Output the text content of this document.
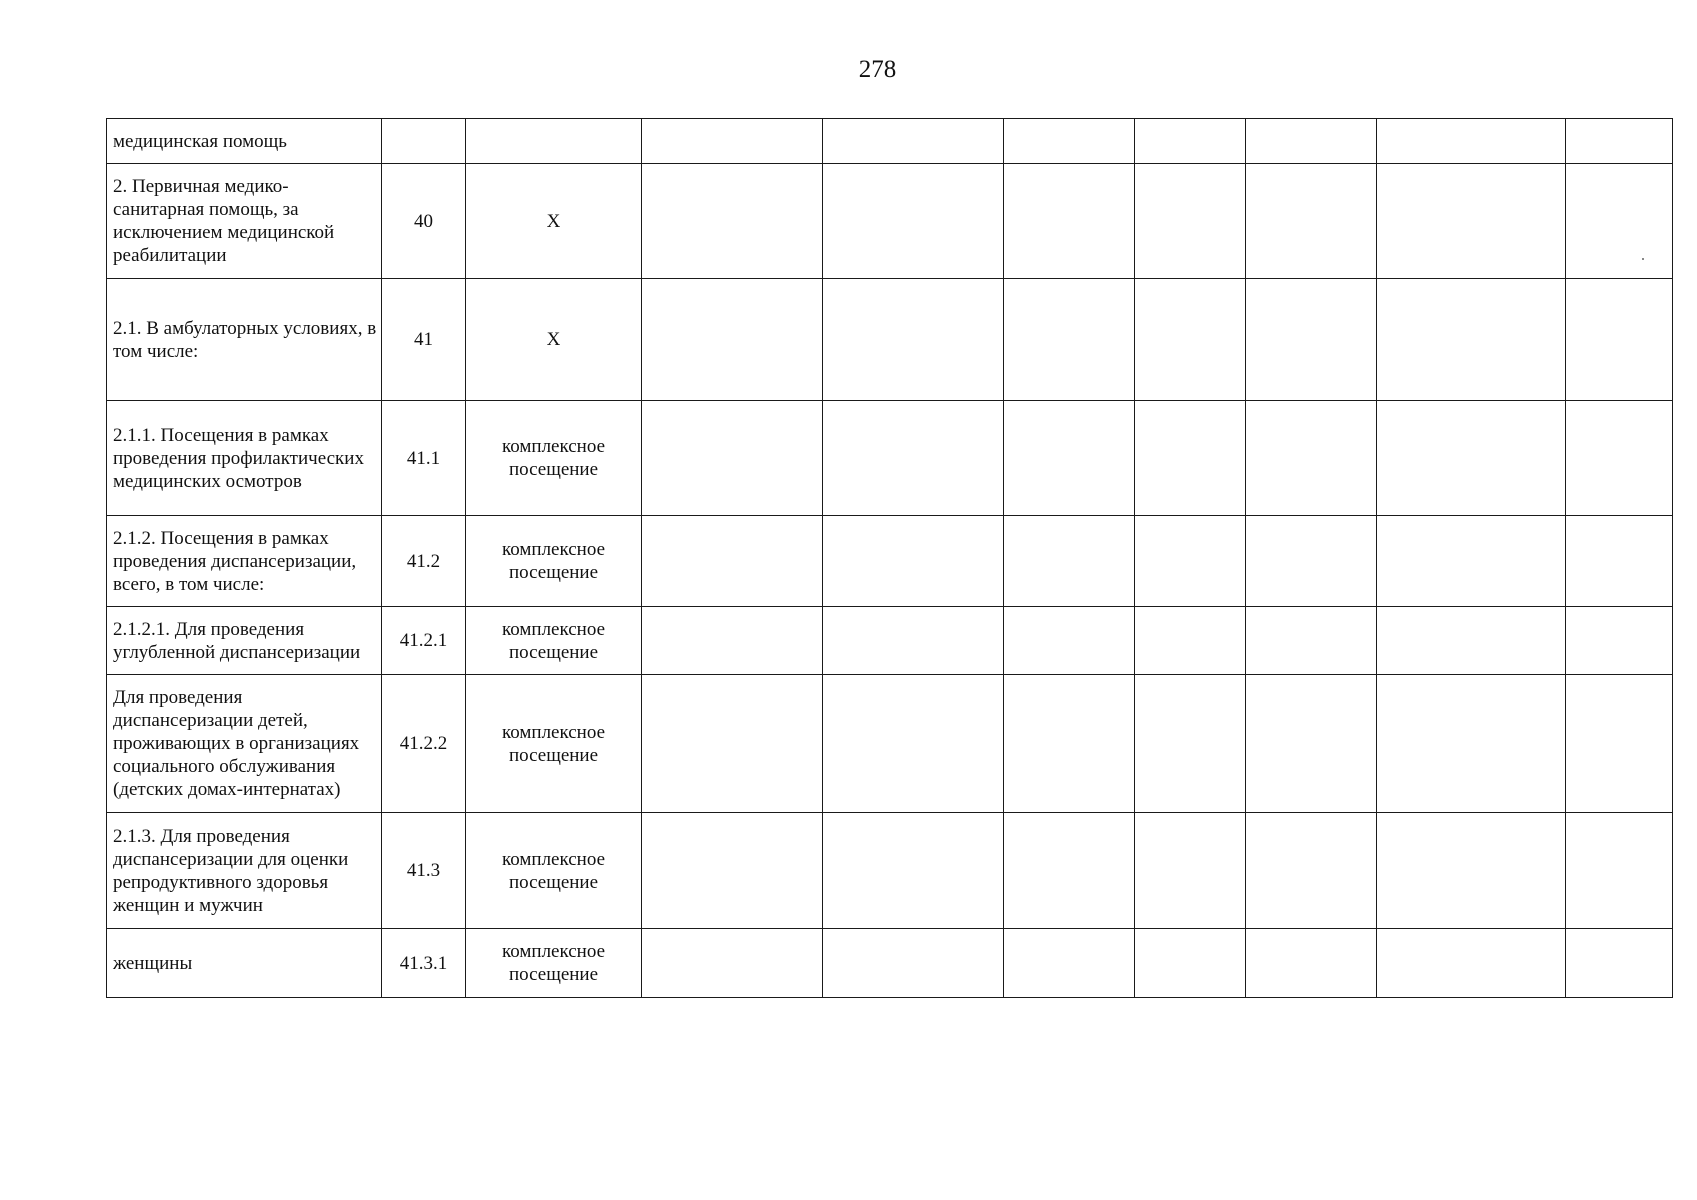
278
медицинская помощь									
2. Первичная медико-санитарная помощь, за исключением медицинской реабилитации	40	X							
2.1. В амбулаторных условиях, в том числе:	41	X							
2.1.1. Посещения в рамках проведения профилактических медицинских осмотров	41.1	комплексное посещение							
2.1.2. Посещения в рамках проведения диспансеризации, всего, в том числе:	41.2	комплексное посещение							
2.1.2.1. Для проведения углубленной диспансеризации	41.2.1	комплексное посещение							
Для проведения диспансеризации детей, проживающих в организациях социального обслуживания (детских домах-интернатах)	41.2.2	комплексное посещение							
2.1.3. Для проведения диспансеризации для оценки репродуктивного здоровья женщин и мужчин	41.3	комплексное посещение							
женщины	41.3.1	комплексное посещение							
